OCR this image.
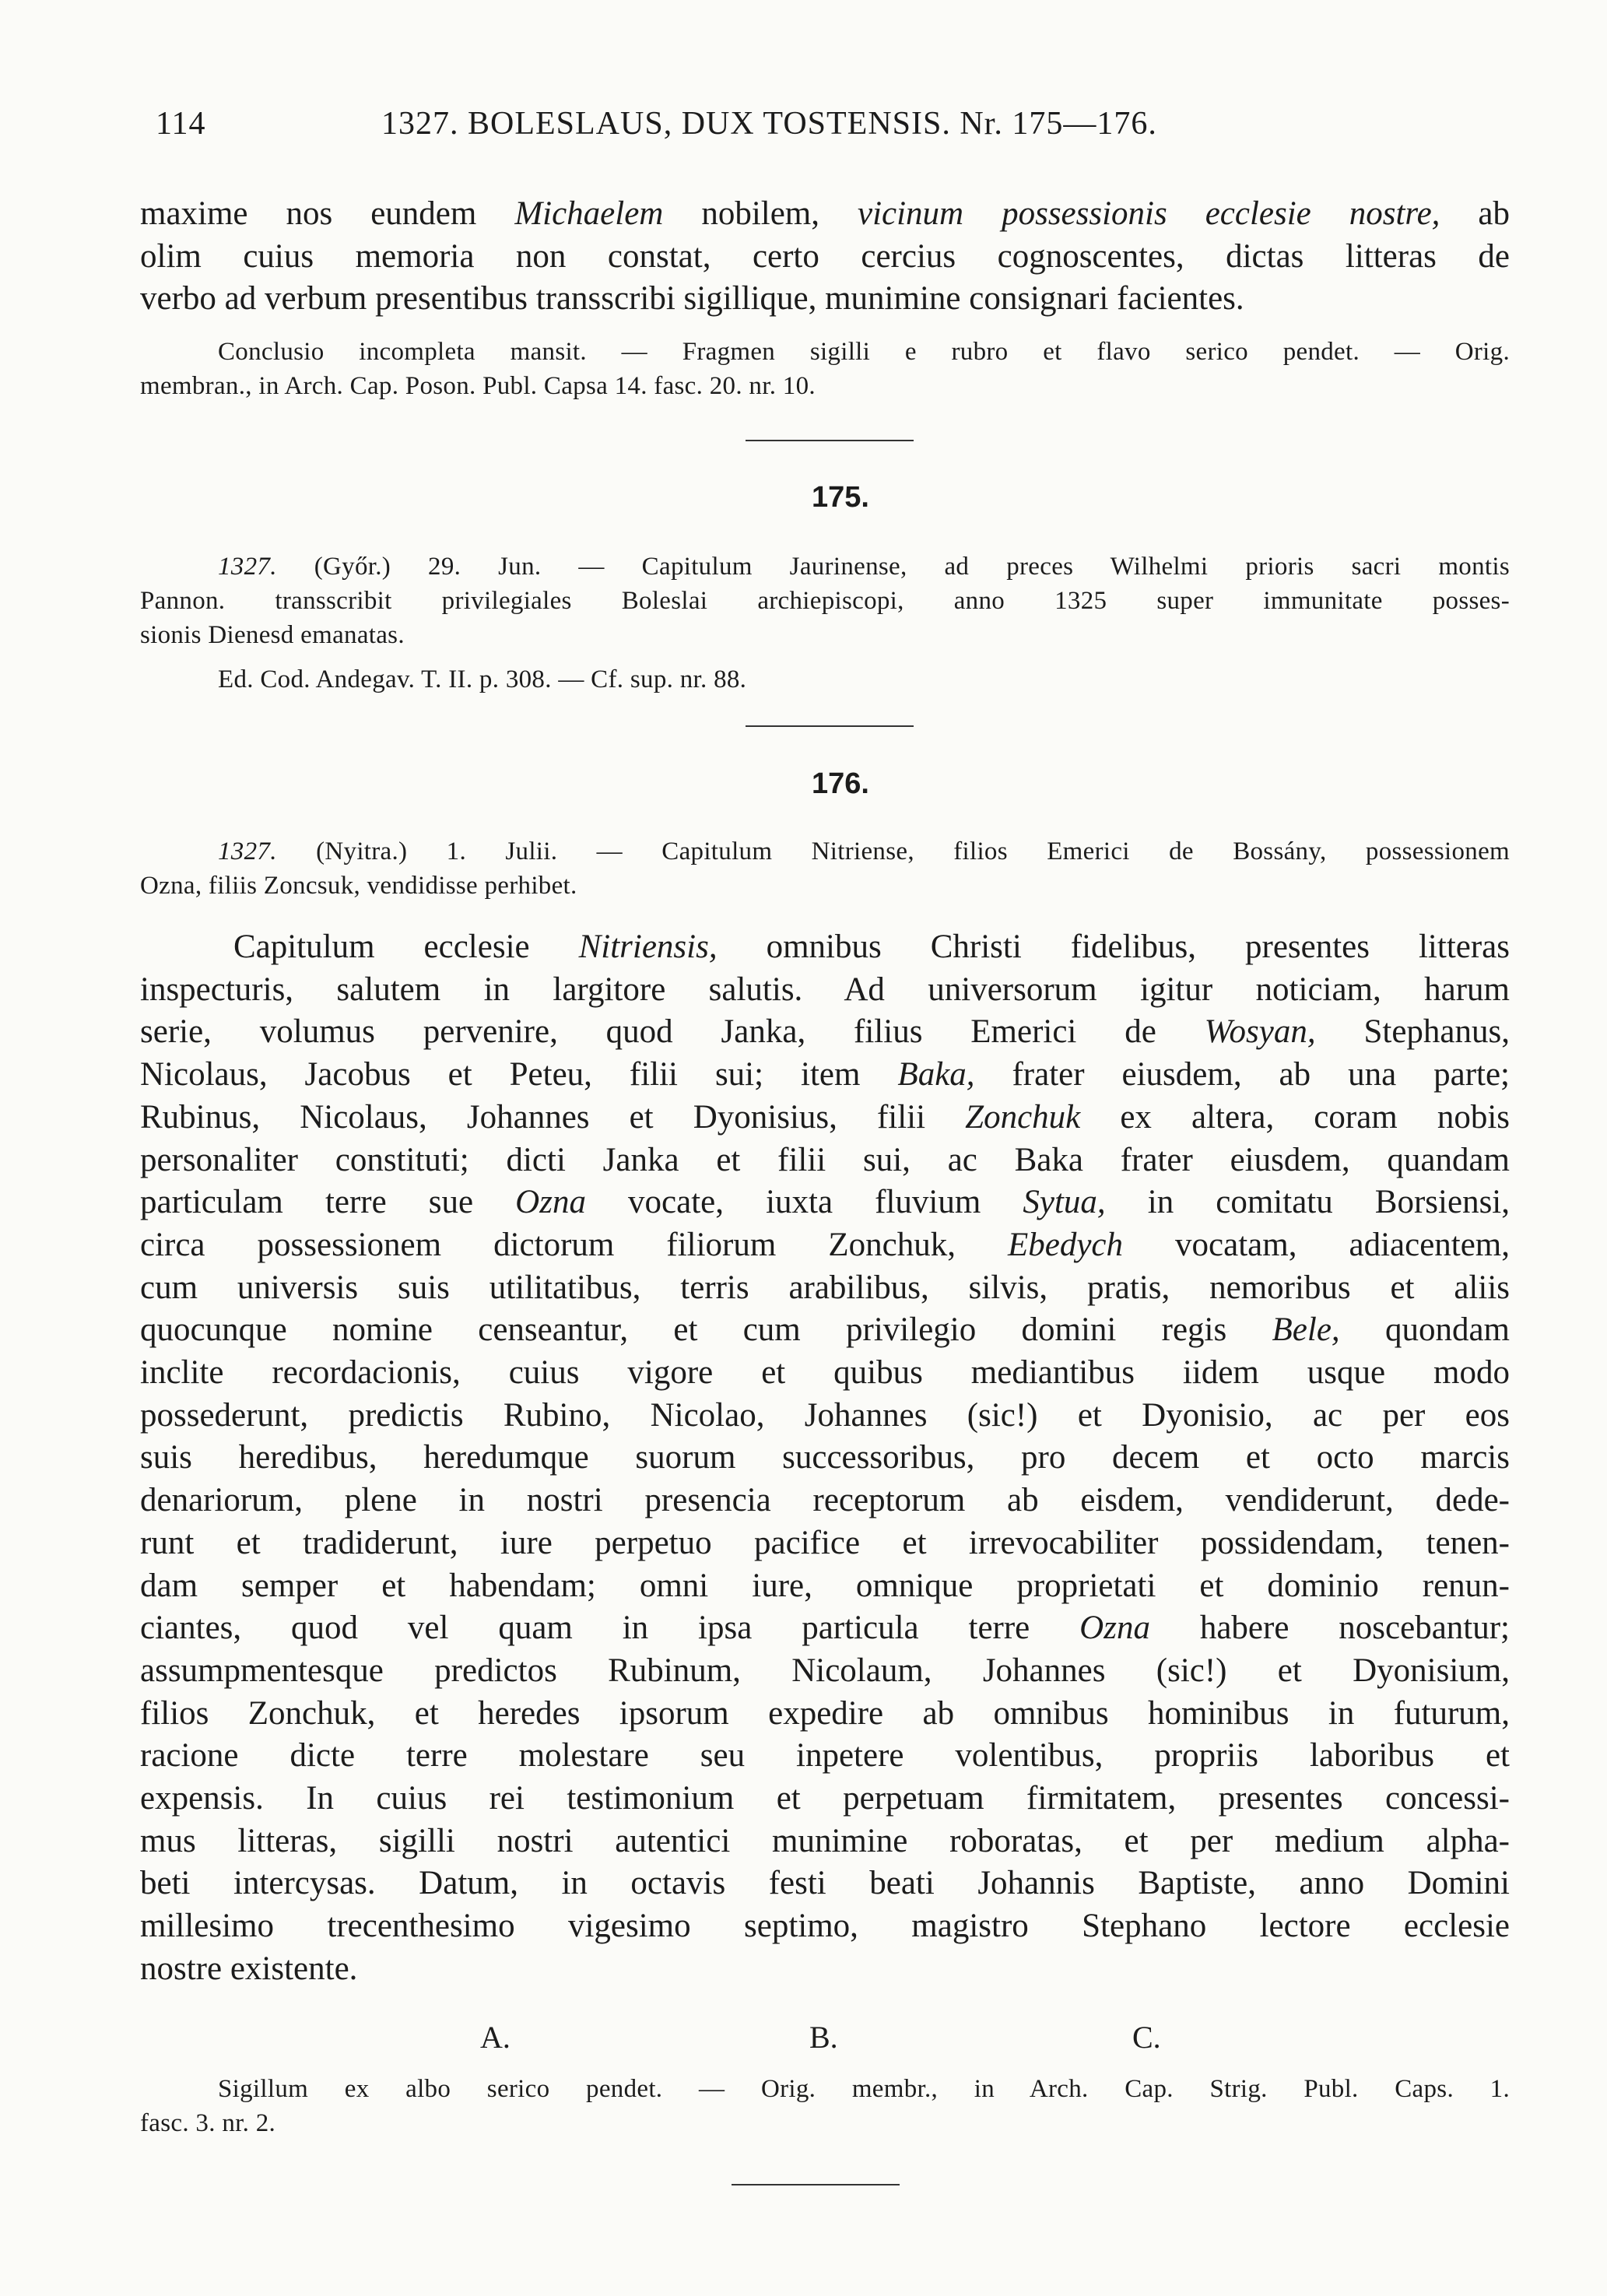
114	1327. BOLESLAUS, DUX TOSTENSIS. Nr. 175—176.
maxime nos eundem Michaelem nobilem, vicinum possessionis ecclesie nostre, ab
olim cuius memoria non constat, certo cercius cognoscentes, dictas litteras de
verbo ad verbum presentibus transscribi sigillique, munimine consignari facientes.
Conclusio incompleta mansit. — Fragmen sigilli e rubro et flavo serico pendet. — Orig.
membran., in Arch. Cap. Poson. Publ. Capsa 14. fasc. 20. nr. 10.
175.
1327. (Győr.) 29. Jun. — Capitulum Jaurinense, ad preces Wilhelmi prioris sacri montis
Pannon. transscribit privilegiales Boleslai archiepiscopi, anno 1325 super immunitate posses-
sionis Dienesd emanatas.
Ed. Cod. Andegav. T. II. p. 308. — Cf. sup. nr. 88.
176.
1327. (Nyitra.) 1. Julii. — Capitulum Nitriense, filios Emerici de Bossány, possessionem
Ozna, filiis Zoncsuk, vendidisse perhibet.
Capitulum ecclesie Nitriensis, omnibus Christi fidelibus, presentes litteras
inspecturis, salutem in largitore salutis. Ad universorum igitur noticiam, harum
serie, volumus pervenire, quod Janka, filius Emerici de Wosyan, Stephanus,
Nicolaus, Jacobus et Peteu, filii sui; item Baka, frater eiusdem, ab una parte;
Rubinus, Nicolaus, Johannes et Dyonisius, filii Zonchuk ex altera, coram nobis
personaliter constituti; dicti Janka et filii sui, ac Baka frater eiusdem, quandam
particulam terre sue Ozna vocate, iuxta fluvium Sytua, in comitatu Borsiensi,
circa possessionem dictorum filiorum Zonchuk, Ebedych vocatam, adiacentem,
cum universis suis utilitatibus, terris arabilibus, silvis, pratis, nemoribus et aliis
quocunque nomine censeantur, et cum privilegio domini regis Bele, quondam
inclite recordacionis, cuius vigore et quibus mediantibus iidem usque modo
possederunt, predictis Rubino, Nicolao, Johannes (sic!) et Dyonisio, ac per eos
suis heredibus, heredumque suorum successoribus, pro decem et octo marcis
denariorum, plene in nostri presencia receptorum ab eisdem, vendiderunt, dede-
runt et tradiderunt, iure perpetuo pacifice et irrevocabiliter possidendam, tenen-
dam semper et habendam; omni iure, omnique proprietati et dominio renun-
ciantes, quod vel quam in ipsa particula terre Ozna habere noscebantur;
assumpmentesque predictos Rubinum, Nicolaum, Johannes (sic!) et Dyonisium,
filios Zonchuk, et heredes ipsorum expedire ab omnibus hominibus in futurum,
racione dicte terre molestare seu inpetere volentibus, propriis laboribus et
expensis. In cuius rei testimonium et perpetuam firmitatem, presentes concessi-
mus litteras, sigilli nostri autentici munimine roboratas, et per medium alpha-
beti intercysas. Datum, in octavis festi beati Johannis Baptiste, anno Domini
millesimo trecenthesimo vigesimo septimo, magistro Stephano lectore ecclesie
nostre existente.
A.	B.	C.
Sigillum ex albo serico pendet. — Orig. membr., in Arch. Cap. Strig. Publ. Caps. 1.
fasc. 3. nr. 2.
